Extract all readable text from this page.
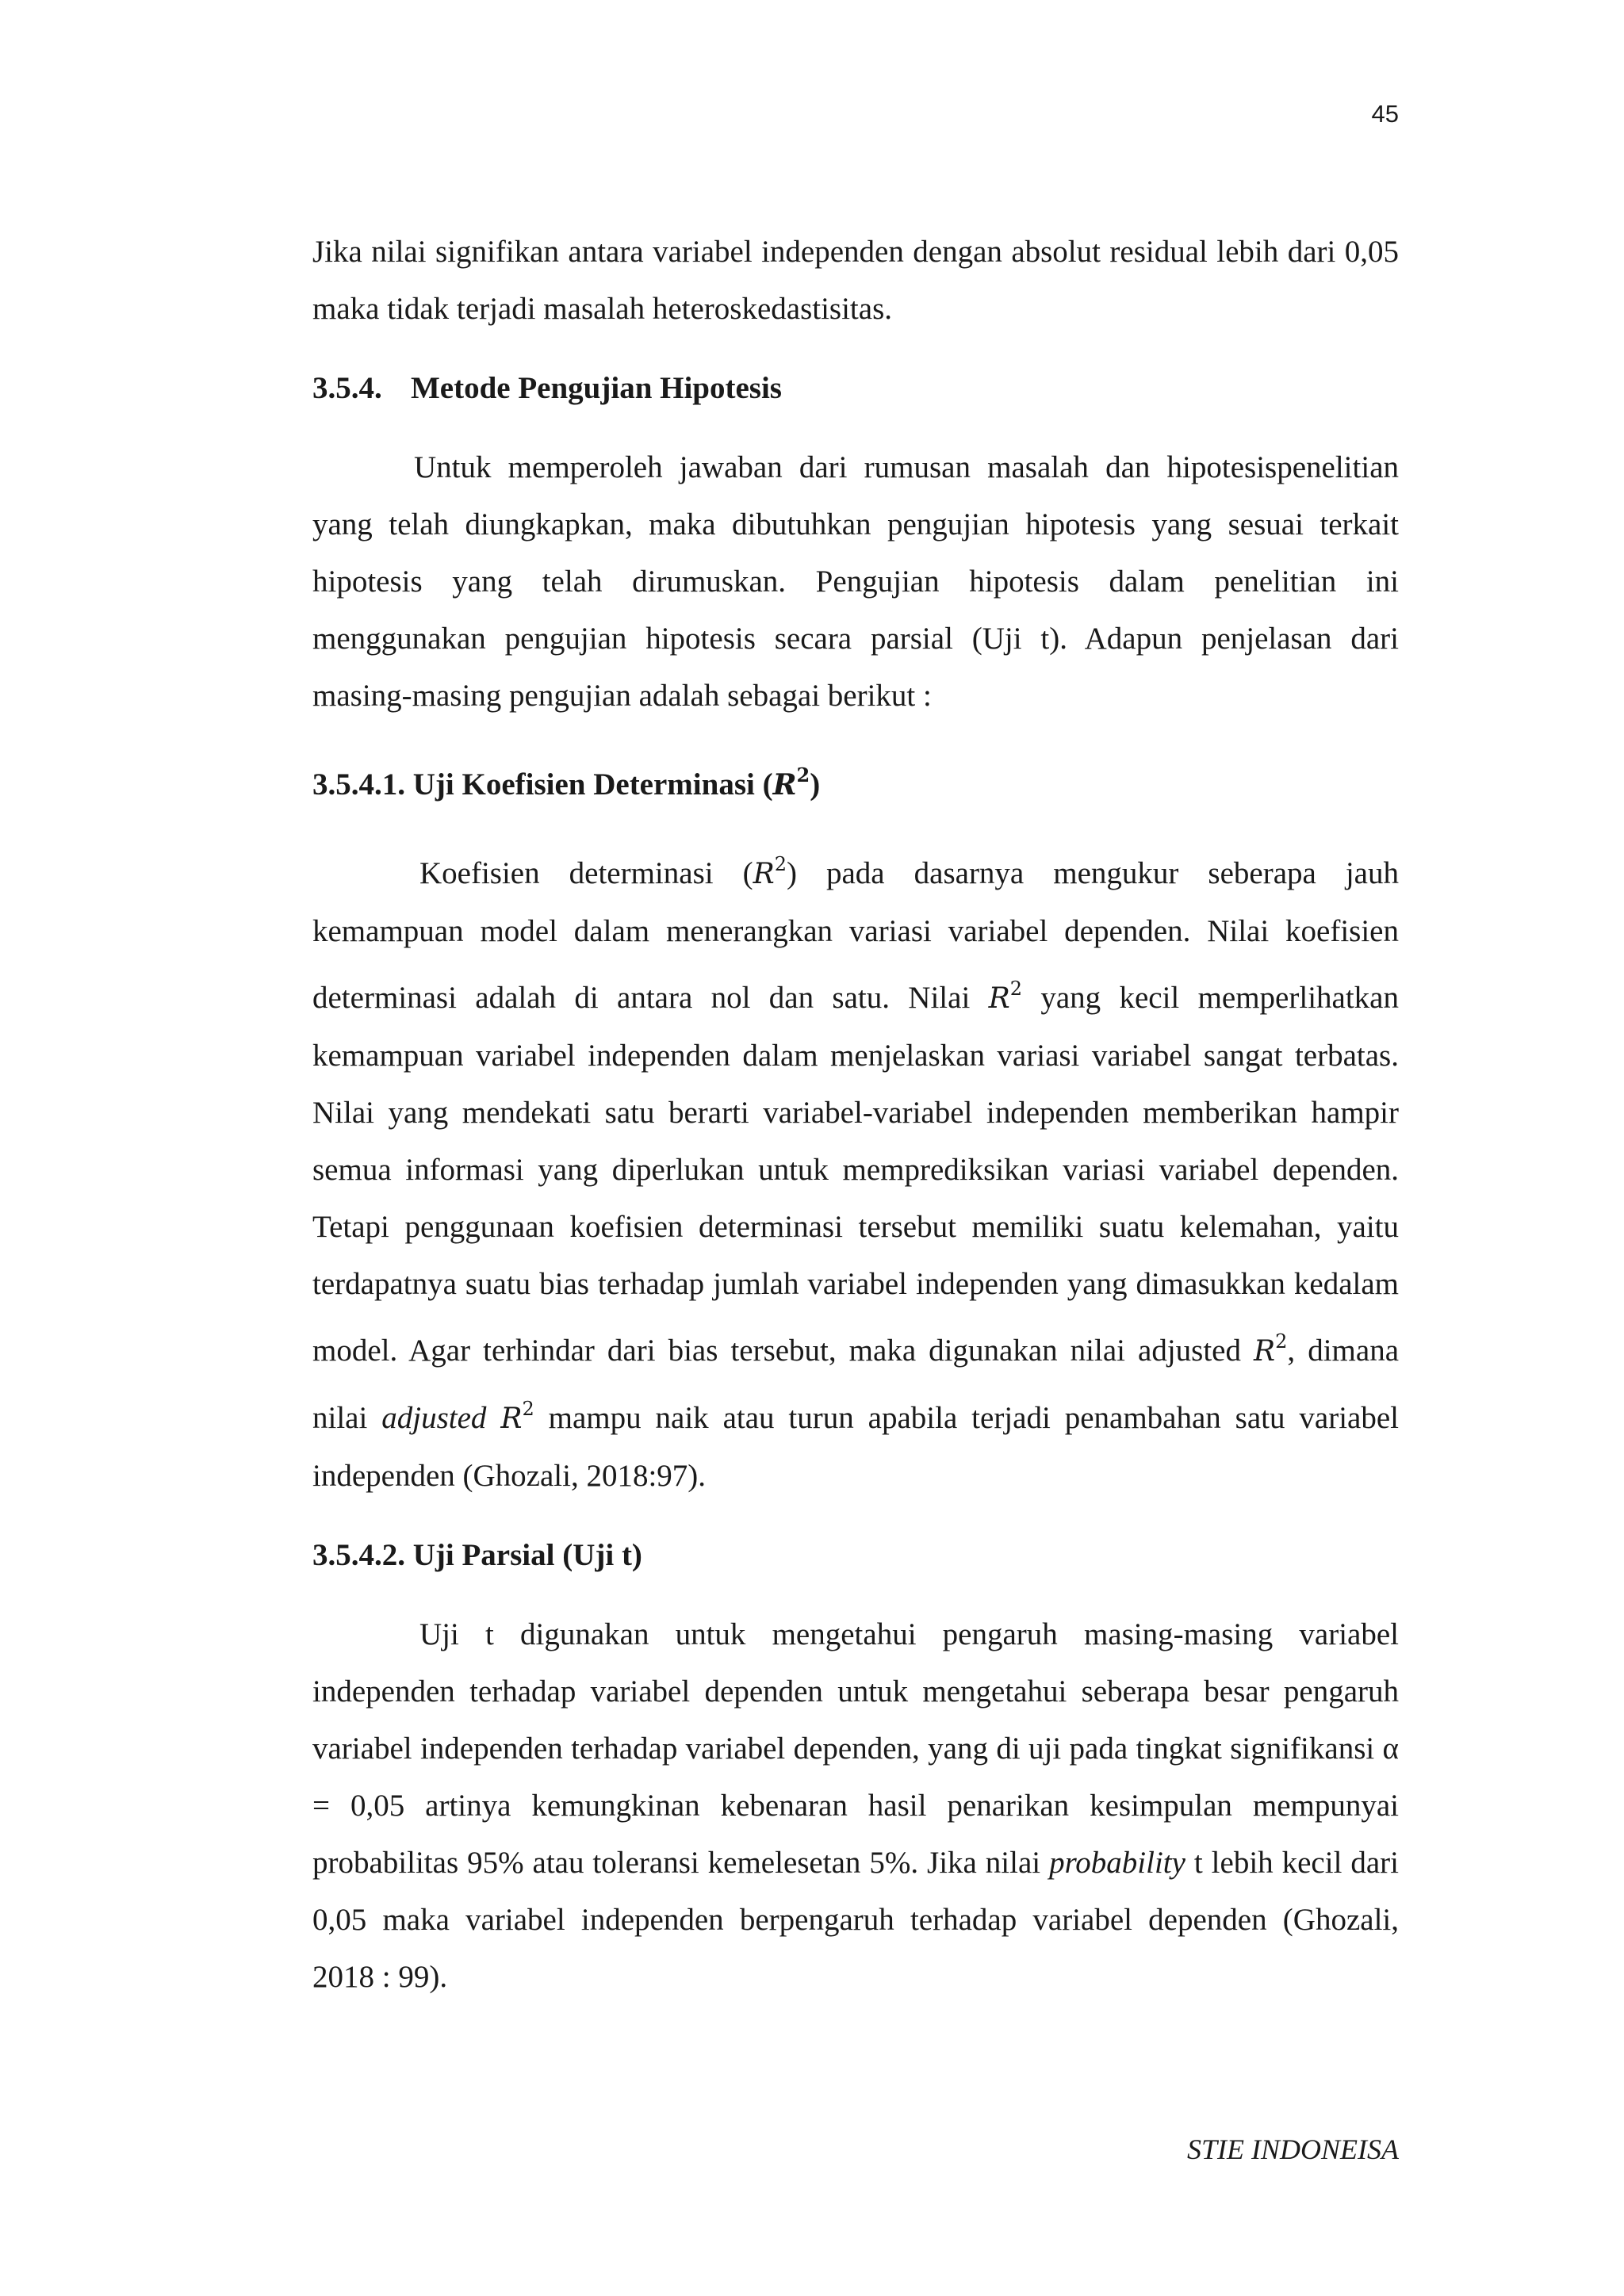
45

Jika nilai signifikan antara variabel independen dengan absolut residual lebih dari 0,05 maka tidak terjadi masalah heteroskedastisitas.

3.5.4. Metode Pengujian Hipotesis

Untuk memperoleh jawaban dari rumusan masalah dan hipotesispenelitian yang telah diungkapkan, maka dibutuhkan pengujian hipotesis yang sesuai terkait hipotesis yang telah dirumuskan. Pengujian hipotesis dalam penelitian ini menggunakan pengujian hipotesis secara parsial (Uji t). Adapun penjelasan dari masing-masing pengujian adalah sebagai berikut :

3.5.4.1. Uji Koefisien Determinasi $(R^2)$

Koefisien determinasi $(R^2)$ pada dasarnya mengukur seberapa jauh kemampuan model dalam menerangkan variasi variabel dependen. Nilai koefisien determinasi adalah di antara nol dan satu. Nilai $R^2$ yang kecil memperlihatkan kemampuan variabel independen dalam menjelaskan variasi variabel sangat terbatas. Nilai yang mendekati satu berarti variabel-variabel independen memberikan hampir semua informasi yang diperlukan untuk memprediksikan variasi variabel dependen. Tetapi penggunaan koefisien determinasi tersebut memiliki suatu kelemahan, yaitu terdapatnya suatu bias terhadap jumlah variabel independen yang dimasukkan kedalam model. Agar terhindar dari bias tersebut, maka digunakan nilai adjusted $R^2$, dimana nilai adjusted $R^2$ mampu naik atau turun apabila terjadi penambahan satu variabel independen (Ghozali, 2018:97).

3.5.4.2. Uji Parsial (Uji t)

Uji t digunakan untuk mengetahui pengaruh masing-masing variabel independen terhadap variabel dependen untuk mengetahui seberapa besar pengaruh variabel independen terhadap variabel dependen, yang di uji pada tingkat signifikansi α = 0,05 artinya kemungkinan kebenaran hasil penarikan kesimpulan mempunyai probabilitas 95% atau toleransi kemelesetan 5%. Jika nilai probability t lebih kecil dari 0,05 maka variabel independen berpengaruh terhadap variabel dependen (Ghozali, 2018 : 99).

STIE INDONEISA
